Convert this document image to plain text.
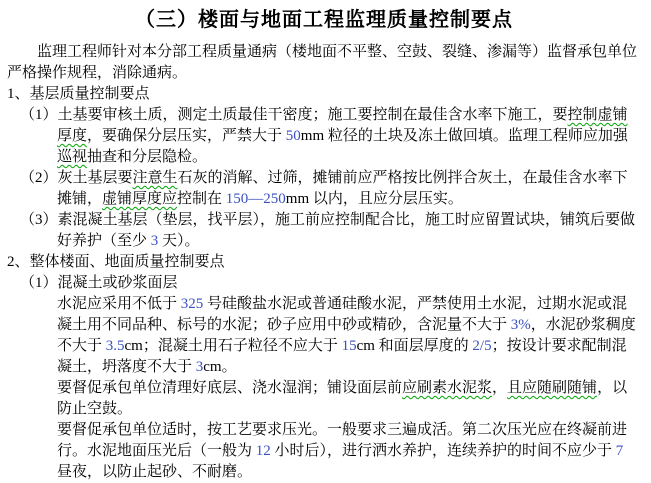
（三）楼面与地面工程监理质量控制要点
监理工程师针对本分部工程质量通病（楼地面不平整、空鼓、裂缝、渗漏等）监督承包单位严格操作规程，消除通病。
1、基层质量控制要点
（1）土基要审核土质，测定土质最佳干密度；施工要控制在最佳含水率下施工，要控制虚铺厚度，要确保分层压实，严禁大于 50mm 粒径的土块及冻土做回填。监理工程师应加强巡视抽查和分层隐检。
（2）灰土基层要注意生石灰的消解、过筛，摊铺前应严格按比例拌合灰土，在最佳含水率下摊铺，虚铺厚度应控制在 150—250mm 以内，且应分层压实。
（3）素混凝土基层（垫层，找平层），施工前应控制配合比，施工时应留置试块，铺筑后要做好养护（至少 3 天）。
2、整体楼面、地面质量控制要点
（1）混凝土或砂浆面层
水泥应采用不低于 325 号硅酸盐水泥或普通硅酸水泥，严禁使用土水泥，过期水泥或混凝土用不同品种、标号的水泥；砂子应用中砂或精砂，含泥量不大于 3%，水泥砂浆稠度不大于 3.5cm；混凝土用石子粒径不应大于 15cm 和面层厚度的 2/5；按设计要求配制混凝土，坍落度不大于 3cm。
要督促承包单位清理好底层、浇水湿润；铺设面层前应刷素水泥浆，且应随刷随铺，以防止空鼓。
要督促承包单位适时，按工艺要求压光。一般要求三遍成活。第二次压光应在终凝前进行。水泥地面压光后（一般为 12 小时后），进行洒水养护，连续养护的时间不应少于 7 昼夜，以防止起砂、不耐磨。
